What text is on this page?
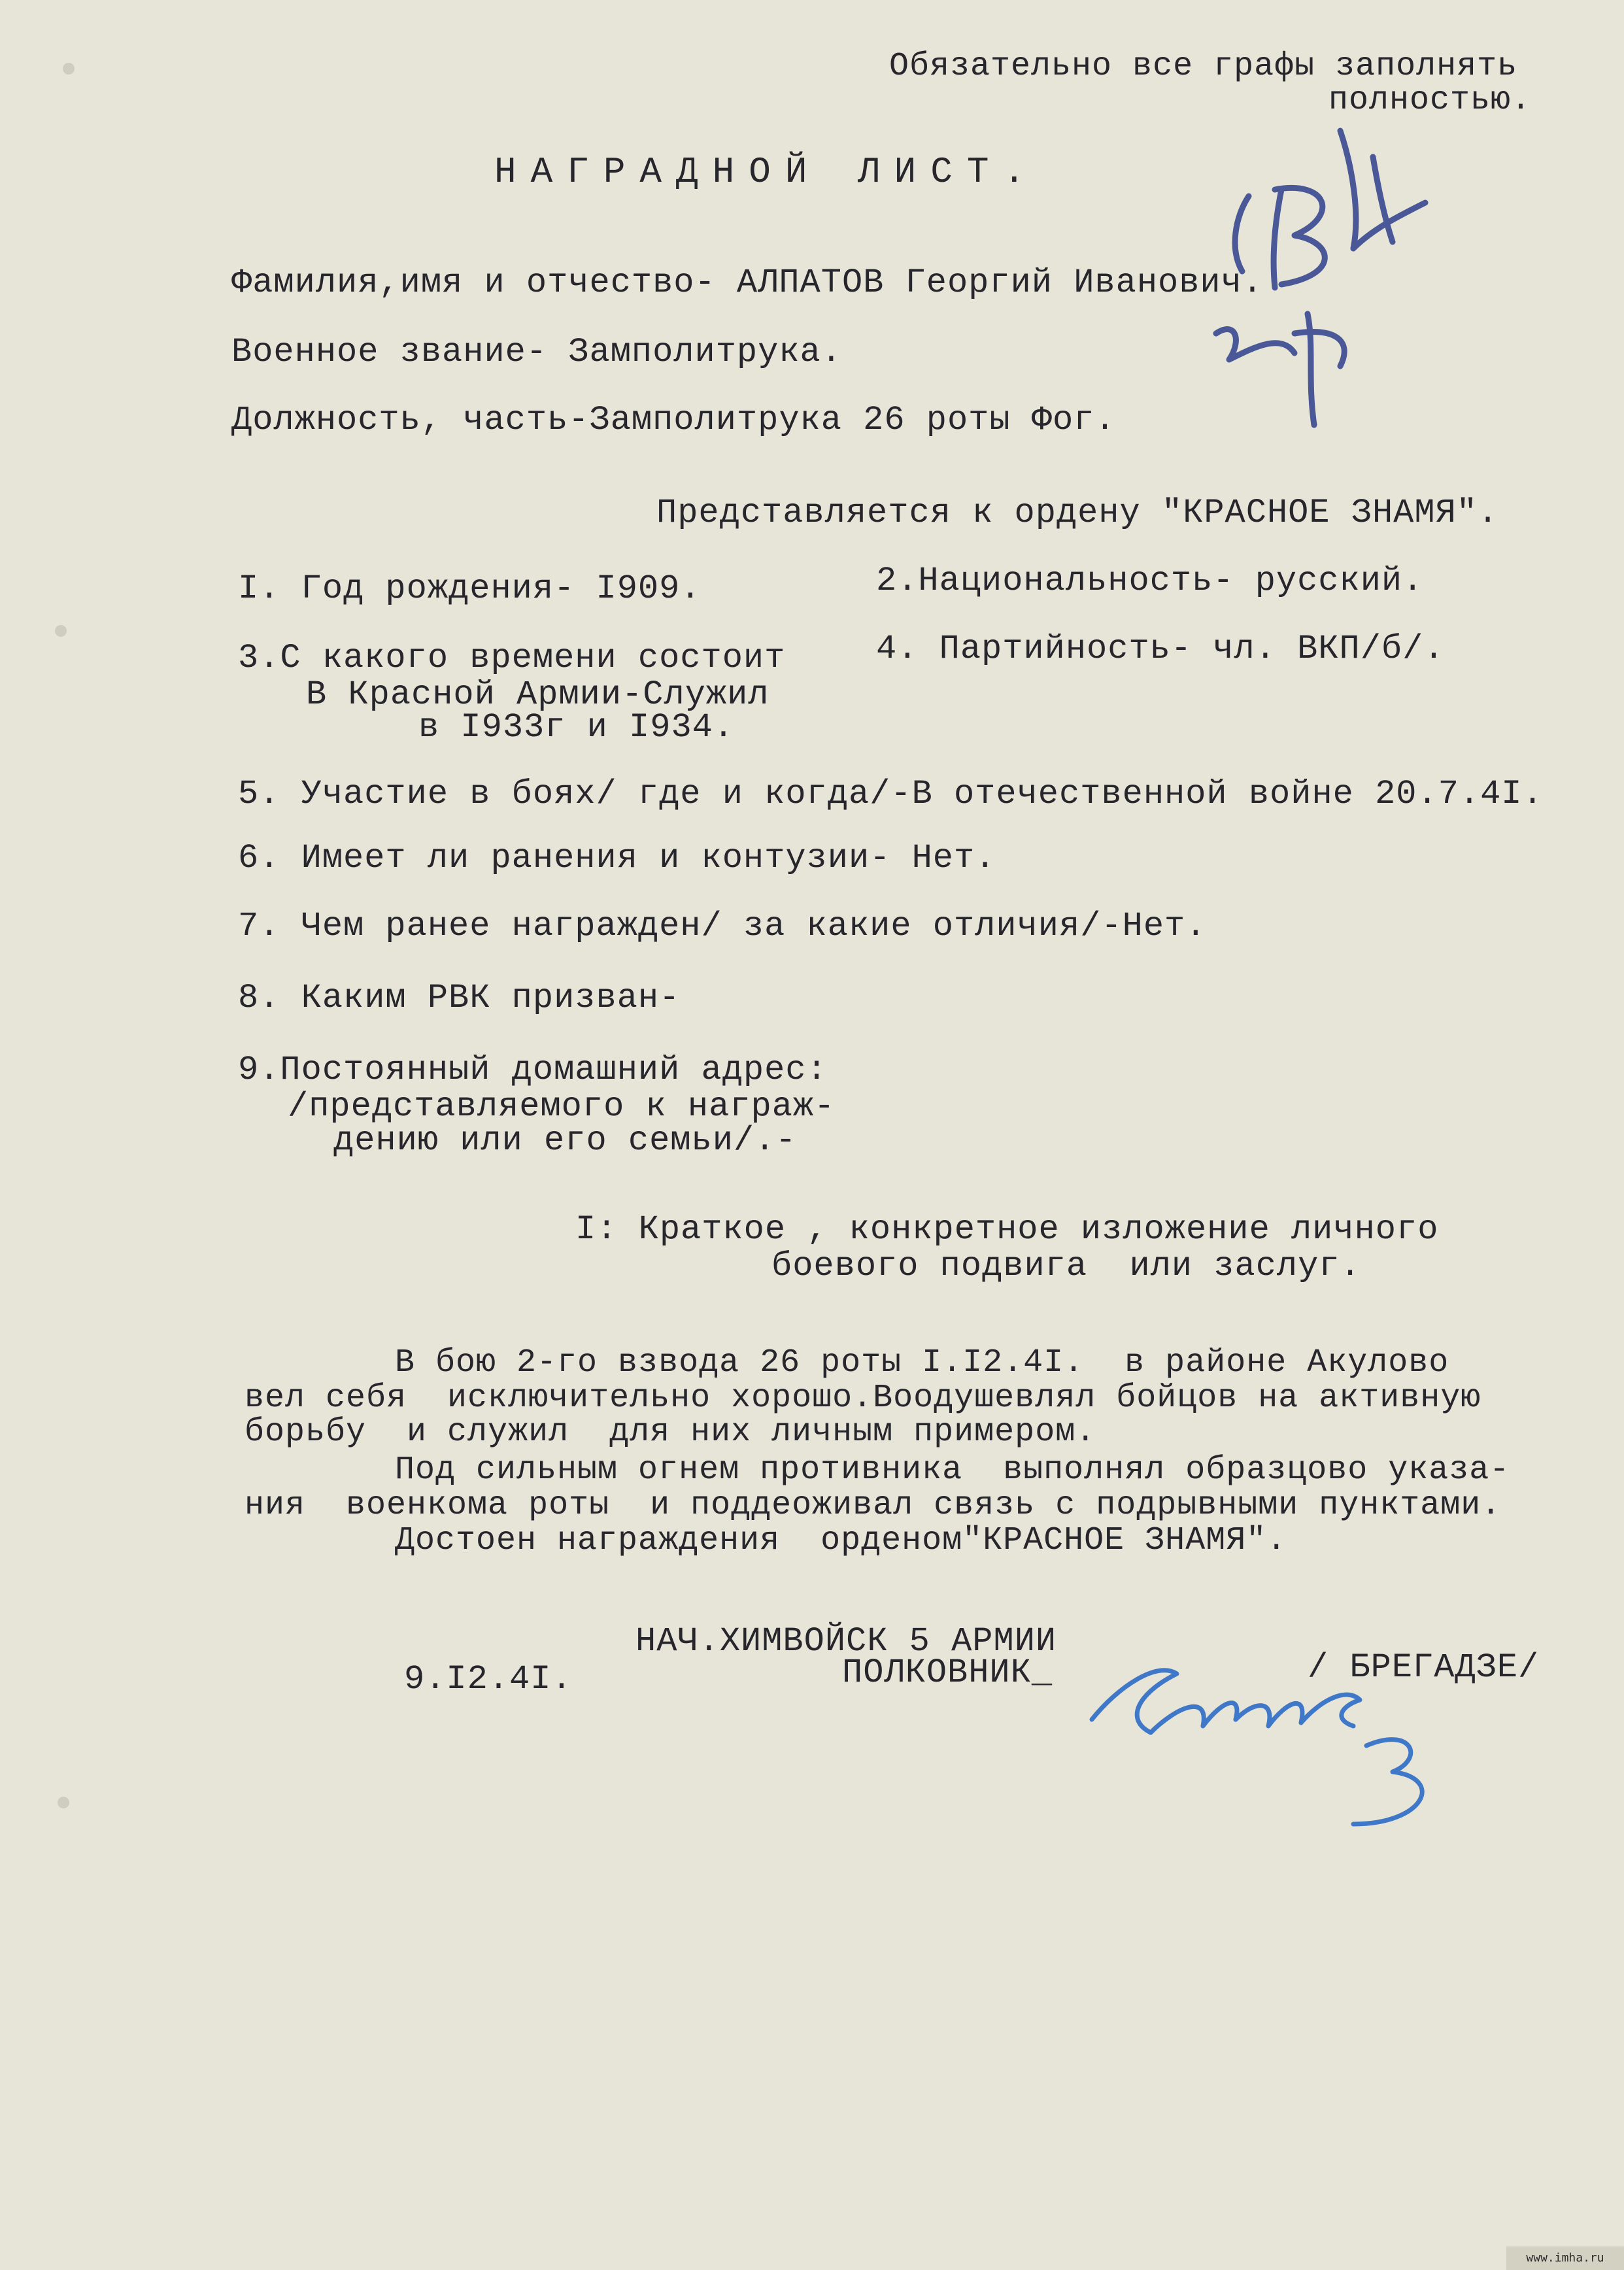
Обязательно все графы заполнять

полностью.

НАГРАДНОЙ ЛИСТ.

Фамилия,имя и отчество- АЛПАТОВ Георгий Иванович.

Военное звание- Замполитрука.

Должность, часть-Замполитрука 26 роты Фог.

Представляется к ордену "КРАСНОЕ ЗНАМЯ".

I. Год рождения- I909.	2.Национальность- русский.

3.С какого времени состоит

В Красной Армии-Служил

в I933г и I934.

4. Партийность- чл. ВКП/б/.

5. Участие в боях/ где и когда/-В отечественной войне 20.7.4I.

6. Имеет ли ранения и контузии- Нет.

7. Чем ранее награжден/ за какие отличия/-Нет.

8. Каким РВК призван-

9.Постоянный домашний адрес:

/представляемого к награж-

дению или его семьи/.-

I: Краткое , конкретное изложение личного

боевого подвига  или заслуг.

В бою 2-го взвода 26 роты I.I2.4I.  в районе Акулово

вел себя  исключительно хорошо.Воодушевлял бойцов на активную

борьбу  и служил  для них личным примером.

Под сильным огнем противника  выполнял образцово указа-

ния  военкома роты  и поддеоживал связь с подрывными пунктами.

Достоен награждения  орденом"КРАСНОЕ ЗНАМЯ".

НАЧ.ХИМВОЙСК 5 АРМИИ

9.I2.4I.	ПОЛКОВНИК_	/ БРЕГАДЗЕ/

www.imha.ru
